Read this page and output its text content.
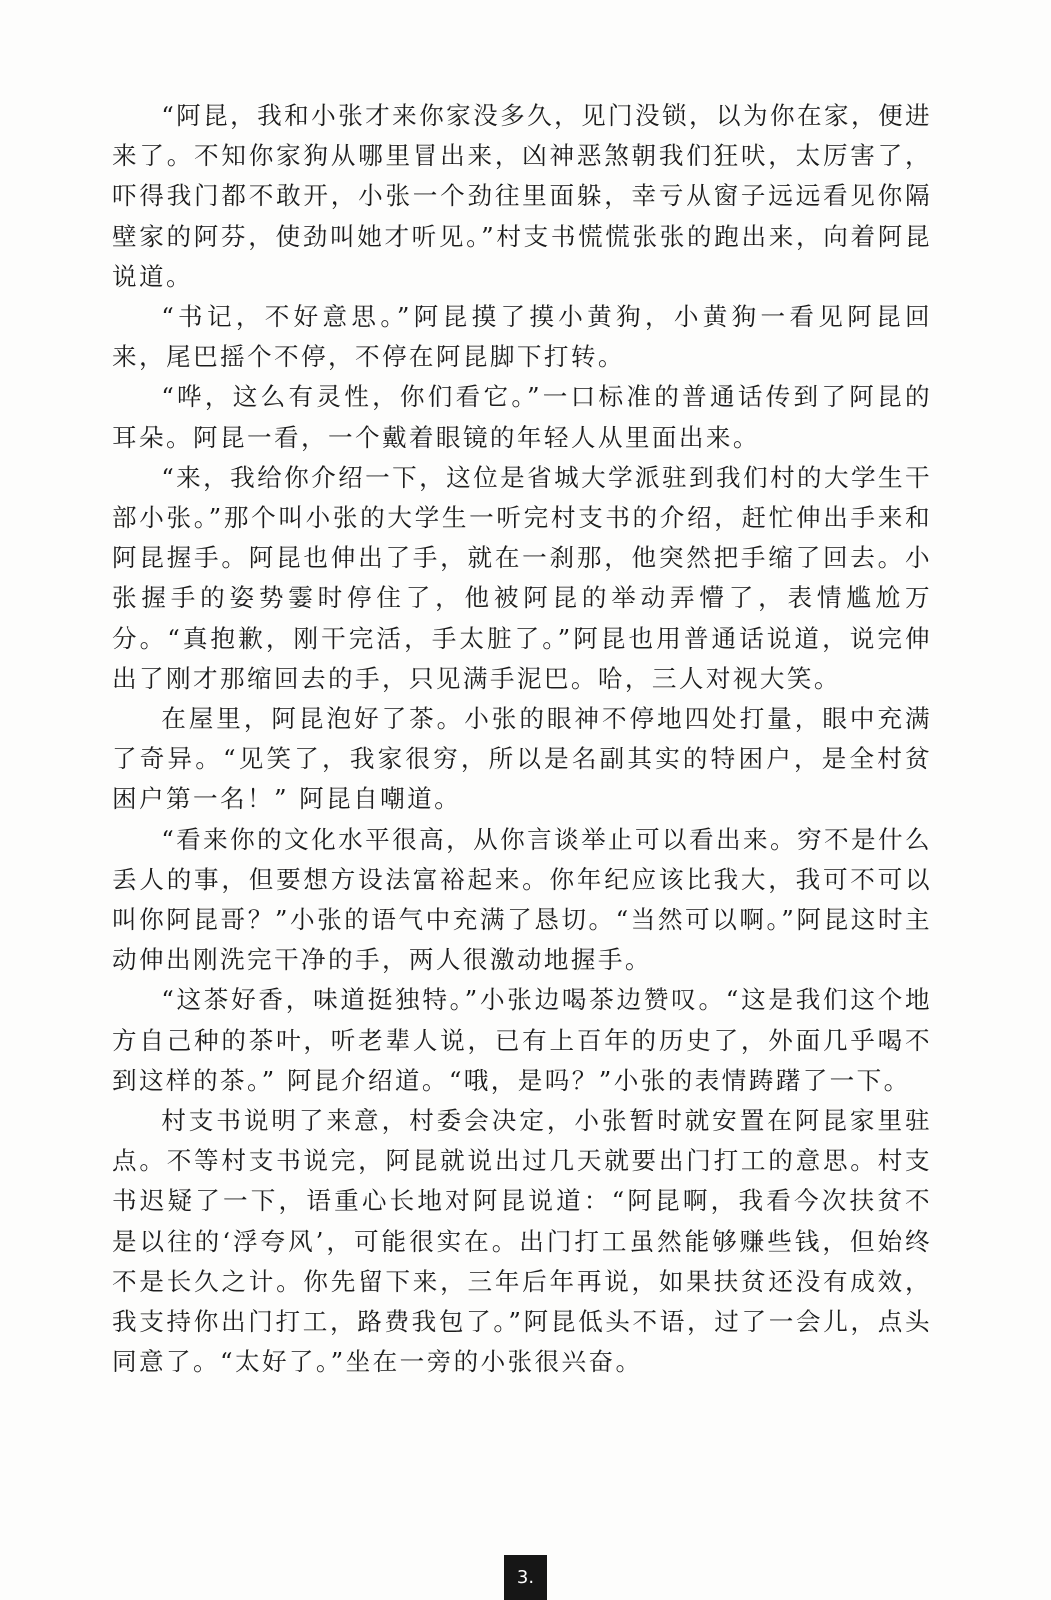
“阿昆，我和小张才来你家没多久，见门没锁，以为你在家，便进来了。不知你家狗从哪里冒出来，凶神恶煞朝我们狂吠，太厉害了，吓得我门都不敢开，小张一个劲往里面躲，幸亏从窗子远远看见你隔壁家的阿芬，使劲叫她才听见。”村支书慌慌张张的跑出来，向着阿昆说道。

“书记，不好意思。”阿昆摸了摸小黄狗，小黄狗一看见阿昆回来，尾巴摇个不停，不停在阿昆脚下打转。

“哗，这么有灵性，你们看它。”一口标准的普通话传到了阿昆的耳朵。阿昆一看，一个戴着眼镜的年轻人从里面出来。

“来，我给你介绍一下，这位是省城大学派驻到我们村的大学生干部小张。”那个叫小张的大学生一听完村支书的介绍，赶忙伸出手来和阿昆握手。阿昆也伸出了手，就在一刹那，他突然把手缩了回去。小张握手的姿势霎时停住了，他被阿昆的举动弄懵了，表情尴尬万分。“真抱歉，刚干完活，手太脏了。”阿昆也用普通话说道，说完伸出了刚才那缩回去的手，只见满手泥巴。哈，三人对视大笑。

在屋里，阿昆泡好了茶。小张的眼神不停地四处打量，眼中充满了奇异。“见笑了，我家很穷，所以是名副其实的特困户，是全村贫困户第一名！” 阿昆自嘲道。

“看来你的文化水平很高，从你言谈举止可以看出来。穷不是什么丢人的事，但要想方设法富裕起来。你年纪应该比我大，我可不可以叫你阿昆哥？”小张的语气中充满了恳切。“当然可以啊。”阿昆这时主动伸出刚洗完干净的手，两人很激动地握手。

“这茶好香，味道挺独特。”小张边喝茶边赞叹。“这是我们这个地方自己种的茶叶，听老辈人说，已有上百年的历史了，外面几乎喝不到这样的茶。” 阿昆介绍道。“哦，是吗？”小张的表情踌躇了一下。

村支书说明了来意，村委会决定，小张暂时就安置在阿昆家里驻点。不等村支书说完，阿昆就说出过几天就要出门打工的意思。村支书迟疑了一下，语重心长地对阿昆说道：“阿昆啊，我看今次扶贫不是以往的‘浮夸风’，可能很实在。出门打工虽然能够赚些钱，但始终不是长久之计。你先留下来，三年后年再说，如果扶贫还没有成效，我支持你出门打工，路费我包了。”阿昆低头不语，过了一会儿，点头同意了。“太好了。”坐在一旁的小张很兴奋。

3.
